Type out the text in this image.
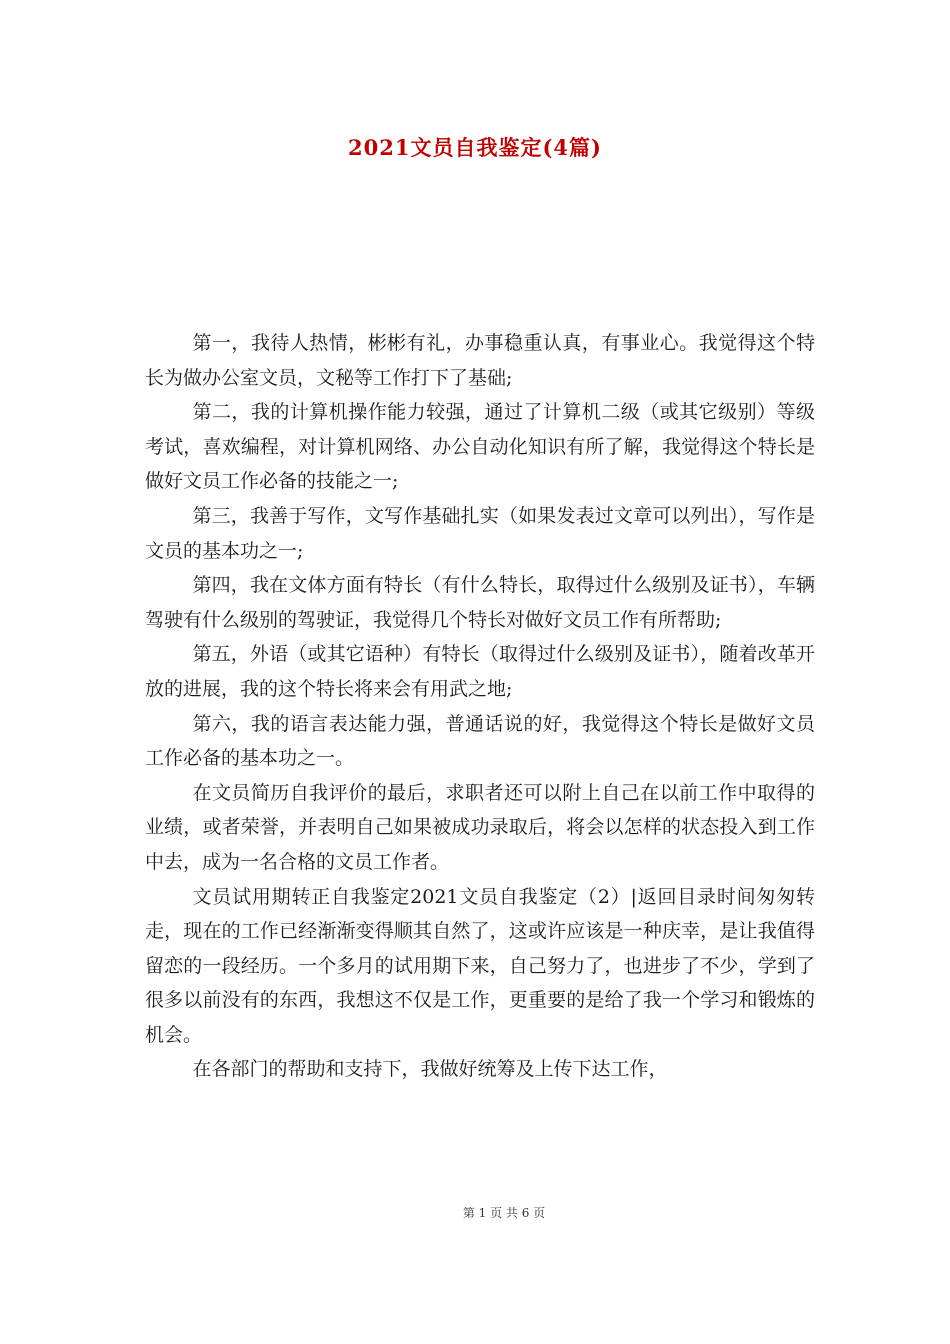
2021文员自我鉴定(4篇)

第一，我待人热情，彬彬有礼，办事稳重认真，有事业心。我觉得这个特长为做办公室文员，文秘等工作打下了基础;

第二，我的计算机操作能力较强，通过了计算机二级（或其它级别）等级考试，喜欢编程，对计算机网络、办公自动化知识有所了解，我觉得这个特长是做好文员工作必备的技能之一;

第三，我善于写作，文写作基础扎实（如果发表过文章可以列出），写作是文员的基本功之一;

第四，我在文体方面有特长（有什么特长，取得过什么级别及证书），车辆驾驶有什么级别的驾驶证，我觉得几个特长对做好文员工作有所帮助;

第五，外语（或其它语种）有特长（取得过什么级别及证书），随着改革开放的进展，我的这个特长将来会有用武之地;

第六，我的语言表达能力强，普通话说的好，我觉得这个特长是做好文员工作必备的基本功之一。

在文员简历自我评价的最后，求职者还可以附上自己在以前工作中取得的业绩，或者荣誉，并表明自己如果被成功录取后，将会以怎样的状态投入到工作中去，成为一名合格的文员工作者。

文员试用期转正自我鉴定2021文员自我鉴定（2）|返回目录时间匆匆转走，现在的工作已经渐渐变得顺其自然了，这或许应该是一种庆幸，是让我值得留恋的一段经历。一个多月的试用期下来，自己努力了，也进步了不少，学到了很多以前没有的东西，我想这不仅是工作，更重要的是给了我一个学习和锻炼的机会。

在各部门的帮助和支持下，我做好统筹及上传下达工作，

第 1 页 共 6 页
